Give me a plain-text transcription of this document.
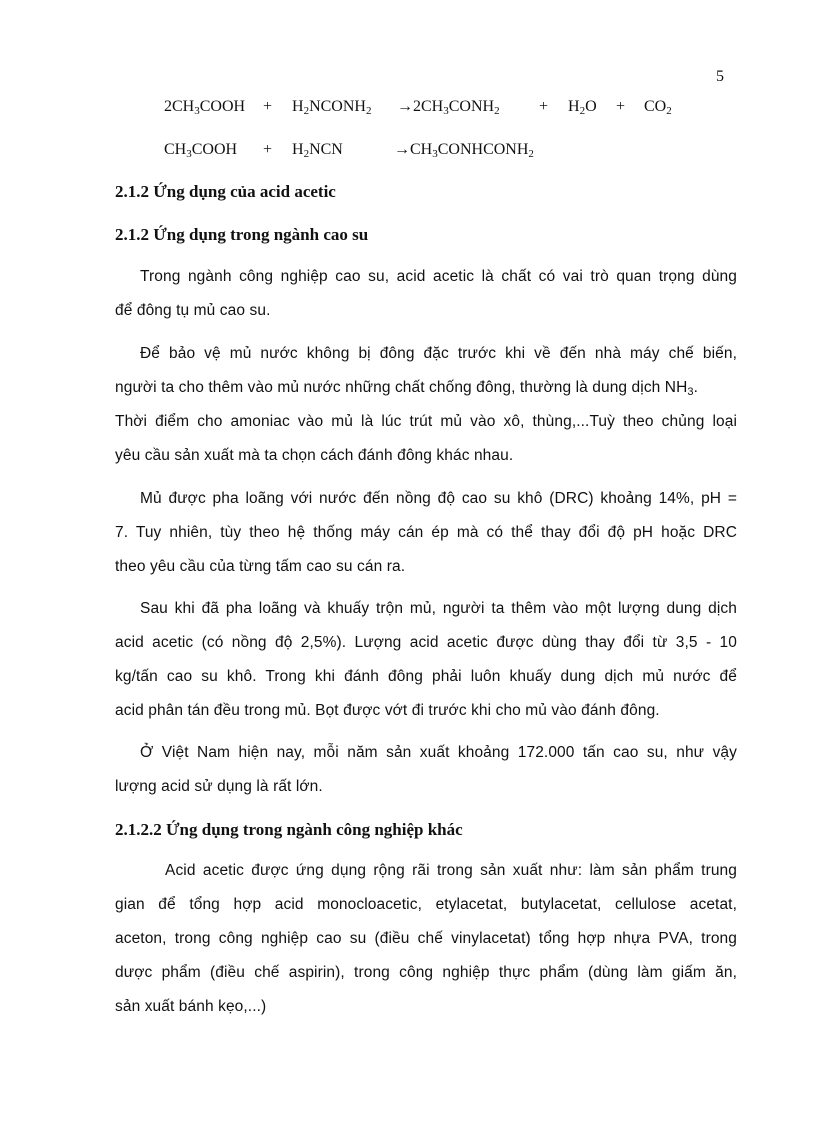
5
$2CH_3COOH$ + $H_2NCONH_2$ → $2CH_3CONH_2 + H_2O + CO_2$
$CH_3COOH + H_2NCN$	→ $CH_3CONHCONH_2$
2.1.2 Ứng dụng của acid acetic
2.1.2 Ứng dụng trong ngành cao su
Trong ngành công nghiệp cao su, acid acetic là chất có vai trò quan trọng dùng
để đông tụ mủ cao su.
Để bảo vệ mủ nước không bị đông đặc trước khi về đến nhà máy chế biến,
người ta cho thêm vào mủ nước những chất chống đông, thường là dung dịch $NH_3$.
Thời điểm cho amoniac vào mủ là lúc trút mủ vào xô, thùng,...Tuỳ theo chủng loại
yêu cầu sản xuất mà ta chọn cách đánh đông khác nhau.
Mủ được pha loãng với nước đến nồng độ cao su khô (DRC) khoảng 14%, pH =
7. Tuy nhiên, tùy theo hệ thống máy cán ép mà có thể thay đổi độ pH hoặc DRC
theo yêu cầu của từng tấm cao su cán ra.
Sau khi đã pha loãng và khuấy trộn mủ, người ta thêm vào một lượng dung dịch
acid acetic (có nồng độ 2,5%). Lượng acid acetic được dùng thay đổi từ 3,5 - 10
kg/tấn cao su khô. Trong khi đánh đông phải luôn khuấy dung dịch mủ nước để
acid phân tán đều trong mủ. Bọt được vớt đi trước khi cho mủ vào đánh đông.
Ở Việt Nam hiện nay, mỗi năm sản xuất khoảng 172.000 tấn cao su, như vậy
lượng acid sử dụng là rất lớn.
2.1.2.2 Ứng dụng trong ngành công nghiệp khác
Acid acetic được ứng dụng rộng rãi trong sản xuất như: làm sản phẩm trung
gian để tổng hợp acid monocloacetic, etylacetat, butylacetat, cellulose acetat,
aceton, trong công nghiệp cao su (điều chế vinylacetat) tổng hợp nhựa PVA, trong
dược phẩm (điều chế aspirin), trong công nghiệp thực phẩm (dùng làm giấm ăn,
sản xuất bánh kẹo,...)
